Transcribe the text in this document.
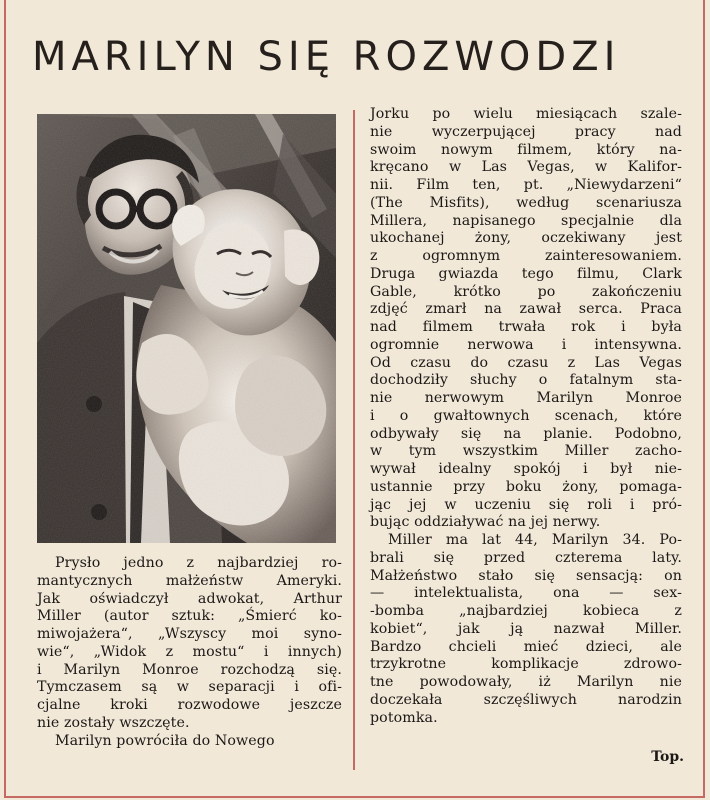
MARILYN SIĘ ROZWODZI
Prysło jedno z najbardziej ro-
mantycznych małżeństw Ameryki.
Jak oświadczył adwokat, Arthur
Miller (autor sztuk: „Śmierć ko-
miwojażera“, „Wszyscy moi syno-
wie“, „Widok z mostu“ i innych)
i Marilyn Monroe rozchodzą się.
Tymczasem są w separacji i ofi-
cjalne kroki rozwodowe jeszcze
nie zostały wszczęte.
Marilyn powróciła do Nowego
Jorku po wielu miesiącach szale-
nie wyczerpującej pracy nad
swoim nowym filmem, który na-
kręcano w Las Vegas, w Kalifor-
nii. Film ten, pt. „Niewydarzeni“
(The Misfits), według scenariusza
Millera, napisanego specjalnie dla
ukochanej żony, oczekiwany jest
z ogromnym zainteresowaniem.
Druga gwiazda tego filmu, Clark
Gable, krótko po zakończeniu
zdjęć zmarł na zawał serca. Praca
nad filmem trwała rok i była
ogromnie nerwowa i intensywna.
Od czasu do czasu z Las Vegas
dochodziły słuchy o fatalnym sta-
nie nerwowym Marilyn Monroe
i o gwałtownych scenach, które
odbywały się na planie. Podobno,
w tym wszystkim Miller zacho-
wywał idealny spokój i był nie-
ustannie przy boku żony, pomaga-
jąc jej w uczeniu się roli i pró-
bując oddziaływać na jej nerwy.
Miller ma lat 44, Marilyn 34. Po-
brali się przed czterema laty.
Małżeństwo stało się sensacją: on
— intelektualista, ona — sex-
-bomba „najbardziej kobieca z
kobiet“, jak ją nazwał Miller.
Bardzo chcieli mieć dzieci, ale
trzykrotne komplikacje zdrowo-
tne powodowały, iż Marilyn nie
doczekała szczęśliwych narodzin
potomka.
Top.
